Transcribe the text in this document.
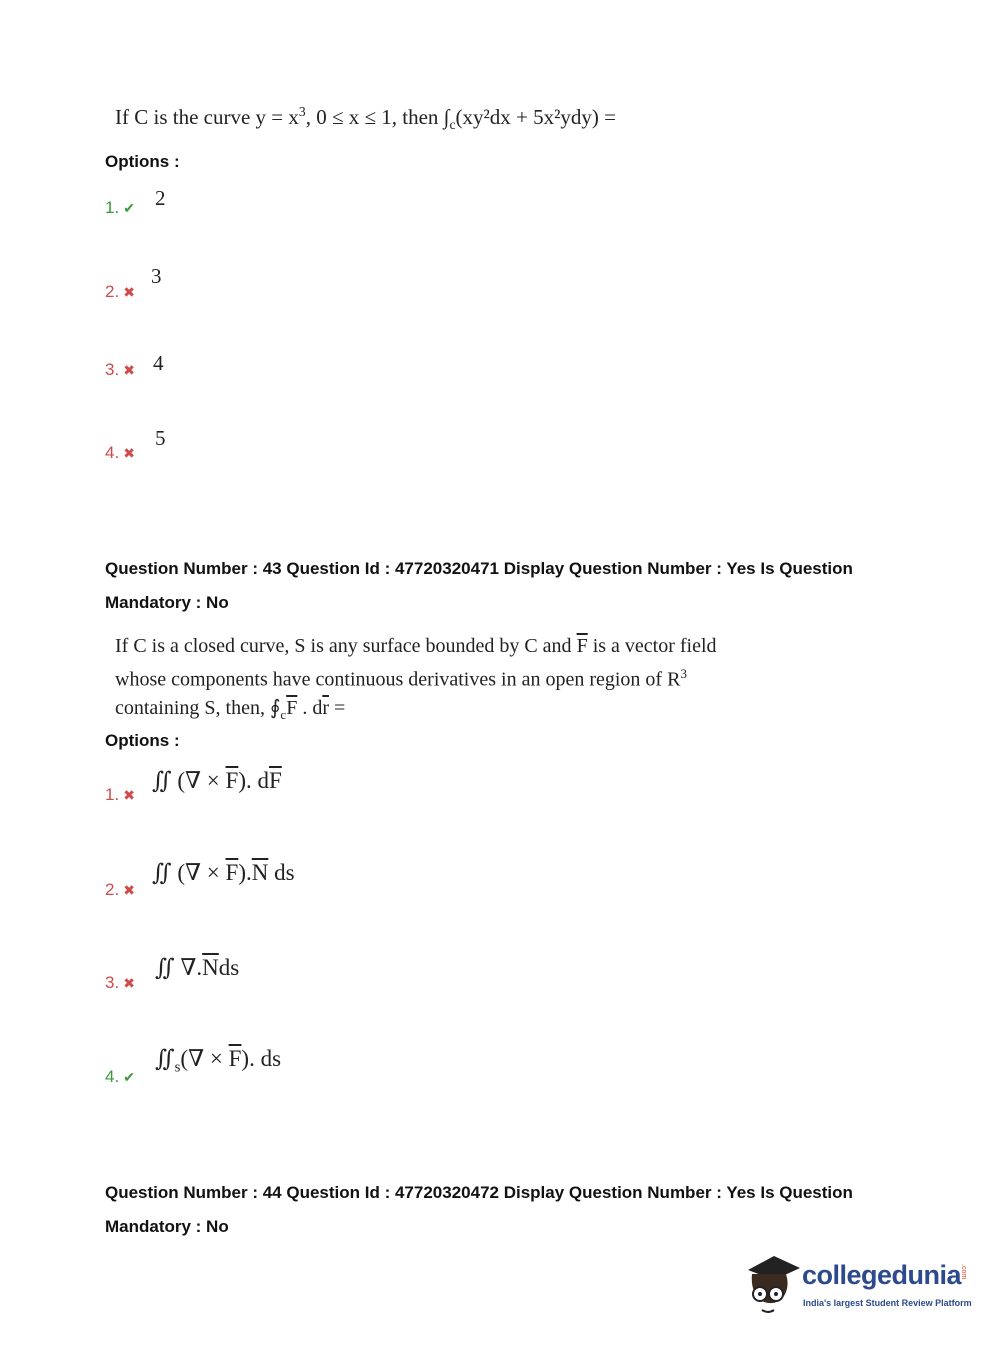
If C is the curve $y = x^3$, 0 ≤ x ≤ 1, then $\int_c(xy^2dx + 5x^2ydy)$ =
Options :
1. ✔ 2
2. ✖
3
3. ✖ 4
4. ✖
5
Question Number : 43 Question Id : 47720320471 Display Question Number : Yes Is Question
Mandatory : No
If C is a closed curve, S is any surface bounded by C and $\overline{F}$ is a vector field
whose components have continuous derivatives in an open region of $R^3$
containing S, then, $∮_c\overline{F}$ . $d\overline{r}$ =
Options :
1. ✖
∬ (∇ × $\overline{F}$). $d\overline{F}$
2. ✖
∬ (∇ × $\overline{F}).\overline{N}$ ds
3. ✖
∬ $\nabla.\overline{N}ds$
4. ✔
$∬_s(\nabla \times \overline{F})$. ds
Question Number : 44 Question Id : 47720320472 Display Question Number : Yes Is Question
Mandatory : No
collegedunia
.com
India's largest Student Review Platform
